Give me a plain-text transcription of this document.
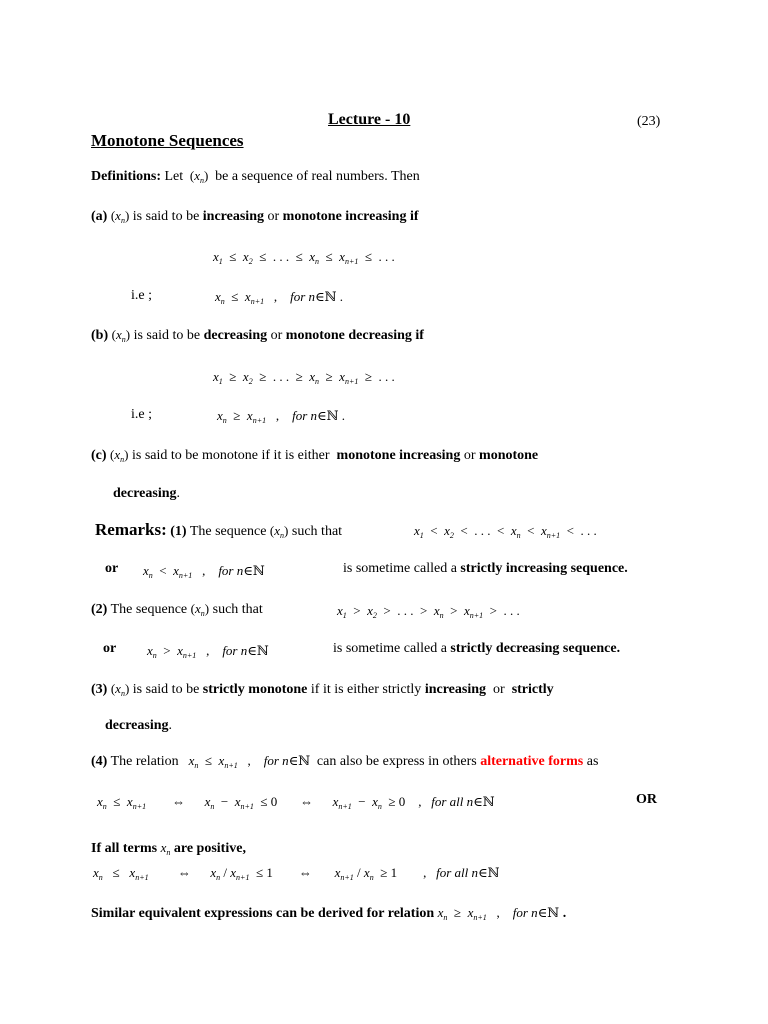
Lecture - 10	(23)
Monotone Sequences
Definitions: Let  $(x_n)$  be a sequence of real numbers. Then
(a) $(x_n)$ is said to be increasing or monotone increasing if
$x_1 \le x_2$  ≤  . . .  ≤  $x_n \le x_{n+1}$  ≤  . . .
i.e ;	$x_n \le x_{n+1}$   ,    for n∈ℕ .
(b) $(x_n)$ is said to be decreasing or monotone decreasing if
$x_1 \ge x_2$  ≥  . . .  ≥  $x_n \ge x_{n+1}$  ≥  . . .
i.e ;	$x_n \ge x_{n+1}$   ,    for n∈ℕ .
(c) $(x_n)$ is said to be monotone if it is either monotone increasing or monotone
decreasing.
Remarks: (1) The sequence $(x_n)$ such that	$x_1 < x_2$  <  . . .  <  $x_n < x_{n+1}$  <  . . .
or $x_n < x_{n+1}$   ,    for n∈ℕ	is sometime called a strictly increasing sequence.
(2) The sequence $(x_n)$ such that	$x_1 > x_2$  >  . . .  >  $x_n > x_{n+1}$  >  . . .
or $x_n > x_{n+1}$   ,    for n∈ℕ	is sometime called a strictly decreasing sequence.
(3) $(x_n)$ is said to be strictly monotone if it is either strictly increasing or strictly
decreasing.
(4) The relation   $x_n \le x_{n+1}$   ,    for n∈ℕ can also be express in others alternative forms as
$x_n \le x_{n+1}$        ⇔      $x_n - x_{n+1} \le 0$       ⇔      $x_{n+1} - x_n \ge 0$    ,   for all n∈ℕ	OR
If all terms $x_n$ are positive,
$x_n \le x_{n+1}$         ⇔      $x_n / x_{n+1} \le 1$        ⇔       $x_{n+1} / x_n \ge 1$        ,   for all n∈ℕ
Similar equivalent expressions can be derived for relation $x_n \ge x_{n+1}$   ,    for n∈ℕ .
